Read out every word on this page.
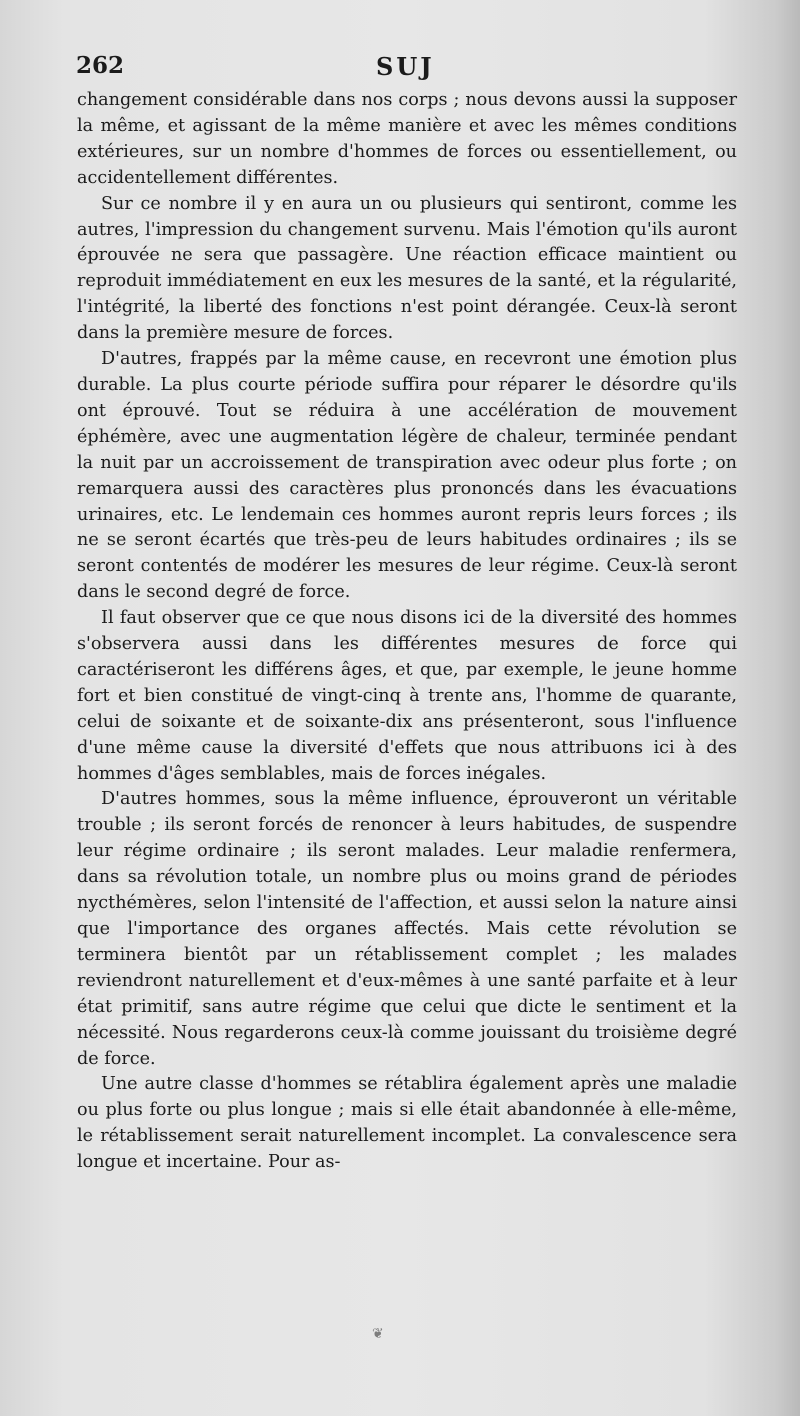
262	SUJ

changement considérable dans nos corps ; nous devons aussi la supposer la même, et agissant de la même manière et avec les mêmes conditions extérieures, sur un nombre d'hommes de forces ou essentiellement, ou accidentellement différentes.

Sur ce nombre il y en aura un ou plusieurs qui sentiront, comme les autres, l'impression du changement survenu. Mais l'émotion qu'ils auront éprouvée ne sera que passagère. Une réaction efficace maintient ou reproduit immédiatement en eux les mesures de la santé, et la régularité, l'intégrité, la liberté des fonctions n'est point dérangée. Ceux-là seront dans la première mesure de forces.

D'autres, frappés par la même cause, en recevront une émotion plus durable. La plus courte période suffira pour réparer le désordre qu'ils ont éprouvé. Tout se réduira à une accélération de mouvement éphémère, avec une augmentation légère de chaleur, terminée pendant la nuit par un accroissement de transpiration avec odeur plus forte ; on remarquera aussi des caractères plus prononcés dans les évacuations urinaires, etc. Le lendemain ces hommes auront repris leurs forces ; ils ne se seront écartés que très-peu de leurs habitudes ordinaires ; ils se seront contentés de modérer les mesures de leur régime. Ceux-là seront dans le second degré de force.

Il faut observer que ce que nous disons ici de la diversité des hommes s'observera aussi dans les différentes mesures de force qui caractériseront les différens âges, et que, par exemple, le jeune homme fort et bien constitué de vingt-cinq à trente ans, l'homme de quarante, celui de soixante et de soixante-dix ans présenteront, sous l'influence d'une même cause la diversité d'effets que nous attribuons ici à des hommes d'âges semblables, mais de forces inégales.

D'autres hommes, sous la même influence, éprouveront un véritable trouble ; ils seront forcés de renoncer à leurs habitudes, de suspendre leur régime ordinaire ; ils seront malades. Leur maladie renfermera, dans sa révolution totale, un nombre plus ou moins grand de périodes nycthémères, selon l'intensité de l'affection, et aussi selon la nature ainsi que l'importance des organes affectés. Mais cette révolution se terminera bientôt par un rétablissement complet ; les malades reviendront naturellement et d'eux-mêmes à une santé parfaite et à leur état primitif, sans autre régime que celui que dicte le sentiment et la nécessité. Nous regarderons ceux-là comme jouissant du troisième degré de force.

Une autre classe d'hommes se rétablira également après une maladie ou plus forte ou plus longue ; mais si elle était abandonnée à elle-même, le rétablissement serait naturellement incomplet. La convalescence sera longue et incertaine. Pour as-

❦
